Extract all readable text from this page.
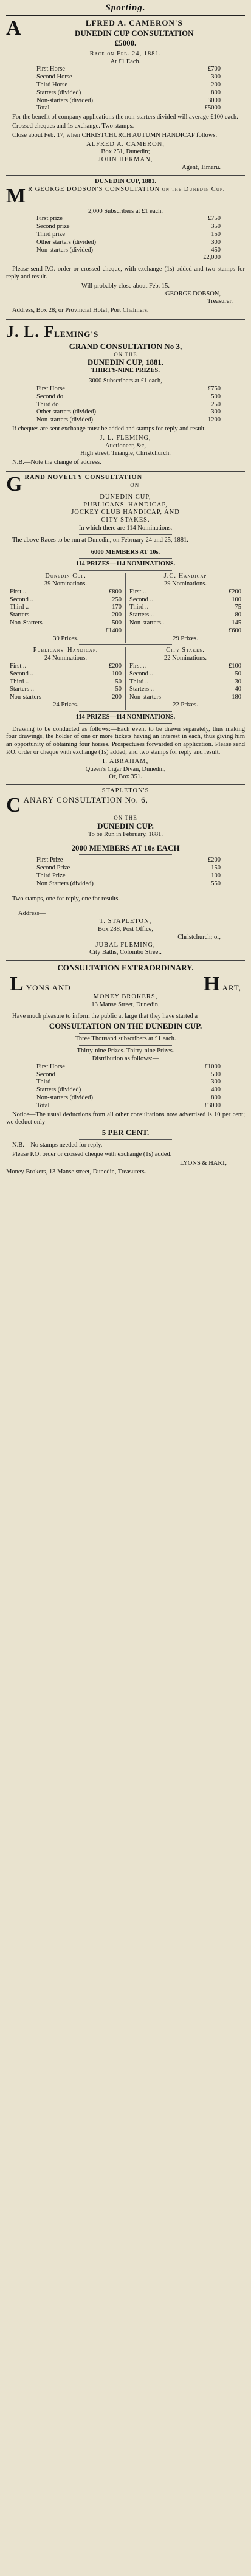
Sporting.
A	LFRED A. CAMERON'S
DUNEDIN CUP CONSULTATION
£5000.
Race on Feb. 24, 1881.
At £1 Each.
First Horse	£700
Second Horse	300
Third Horse	200
Starters (divided)	800
Non-starters (divided)	3000
Total	£5000

For the benefit of company applications the non-starters divided will average £100 each.

Crossed cheques and 1s exchange. Two stamps.

Close about Feb. 17, when CHRISTCHURCH AUTUMN HANDICAP follows.

ALFRED A. CAMERON,
Box 251, Dunedin;
JOHN HERMAN,
Agent, Timaru.
DUNEDIN CUP, 1881.
M R GEORGE DODSON'S CONSULTATION on the Dunedin Cup.
2,000 Subscribers at £1 each.
First prize	£750
Second prize	350
Third prize	150
Other starters (divided)	300
Non-starters (divided)	450
£2,000

Please send P.O. order or crossed cheque, with exchange (1s) added and two stamps for reply and result.

Will probably close about Feb. 15.
GEORGE DOBSON,
Treasurer.

Address, Box 28; or Provincial Hotel, Port Chalmers.

J. L. FLEMING'S
GRAND CONSULTATION No 3,
ON THE
DUNEDIN CUP, 1881.
THIRTY-NINE PRIZES.
3000 Subscribers at £1 each,
First Horse	£750
Second do	500
Third do	250
Other starters (divided)	300
Non-starters (divided)	1200

If cheques are sent exchange must be added and stamps for reply and result.

J. L. FLEMING,
Auctioneer, &c,
High street, Triangle, Christchurch.

N.B.—Note the change of address.

G RAND NOVELTY CONSULTATION
ON
DUNEDIN CUP,
PUBLICANS' HANDICAP,
JOCKEY CLUB HANDICAP, AND
CITY STAKES.
In which there are 114 Nominations.

The above Races to be run at Dunedin, on February 24 and 25, 1881.

6000 MEMBERS AT 10s.
114 PRIZES—114 NOMINATIONS.
Dunedin Cup.
39 Nominations.
First ..	£800
Second ..	250
Third ..	170
Starters	200
Non-Starters	500
£1400
39 Prizes.
J.C. Handicap
29 Nominations.
First ..	£200
Second ..	100
Third ..	75
Starters ..	80
Non-starters..	145
£600
29 Prizes.
Publicans' Handicap.
24 Nominations.
First ..	£200
Second ..	100
Third ..	50
Starters ..	50
Non-starters	200
24 Prizes.
City Stakes.
22 Nominations.
First ..	£100
Second ..	50
Third ..	30
Starters ..	40
Non-starters	180
22 Prizes.
114 PRIZES—114 NOMINATIONS.

Drawing to be conducted as follows:—Each event to be drawn separately, thus making four drawings, the holder of one or more tickets having an interest in each, thus giving him an opportunity of obtaining four horses. Prospectuses forwarded on application. Please send P.O. order or cheque with exchange (1s) added, and two stamps for reply and result.

I. ABRAHAM,
Queen's Cigar Divan, Dunedin,
Or, Box 351.
STAPLETON'S
C ANARY CONSULTATION No. 6,
ON THE
DUNEDIN CUP.
To be Run in February, 1881.
2000 MEMBERS AT 10s EACH
First Prize	£200
Second Prize	150
Third Prize	100
Non Starters (divided)	550

Two stamps, one for reply, one for results.

Address—
T. STAPLETON,
Box 288, Post Office,
Christchurch; or,
JUBAL FLEMING,
City Baths, Colombo Street.
CONSULTATION EXTRAORDINARY.
LYONS AND	HART,
MONEY BROKERS,
13 Manse Street, Dunedin,

Have much pleasure to inform the public at large that they have started a

CONSULTATION ON THE DUNEDIN CUP.
Three Thousand subscribers at £1 each.
Thirty-nine Prizes. Thirty-nine Prizes.
Distribution as follows:—
First Horse	£1000
Second	500
Third	300
Starters (divided)	400
Non-starters (divided)	800
Total	£3000

Notice—The usual deductions from all other consultations now advertised is 10 per cent; we deduct only

5 PER CENT.

N.B.—No stamps needed for reply.

Please P.O. order or crossed cheque with exchange (1s) added.

LYONS & HART,

Money Brokers, 13 Manse street, Dunedin, Treasurers.
